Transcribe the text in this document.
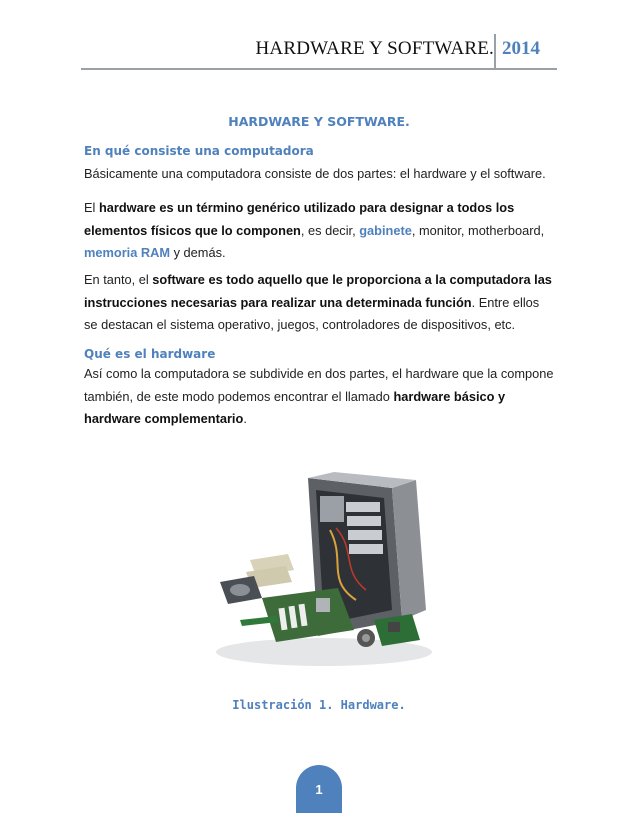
HARDWARE Y SOFTWARE. 2014
HARDWARE Y SOFTWARE.
En qué consiste una computadora
Básicamente una computadora consiste de dos partes: el hardware y el software.
El hardware es un término genérico utilizado para designar a todos los elementos físicos que lo componen, es decir, gabinete, monitor, motherboard, memoria RAM y demás.
En tanto, el software es todo aquello que le proporciona a la computadora las instrucciones necesarias para realizar una determinada función. Entre ellos se destacan el sistema operativo, juegos, controladores de dispositivos, etc.
Qué es el hardware
Así como la computadora se subdivide en dos partes, el hardware que la compone también, de este modo podemos encontrar el llamado hardware básico y hardware complementario.
Ilustración 1. Hardware.
1
